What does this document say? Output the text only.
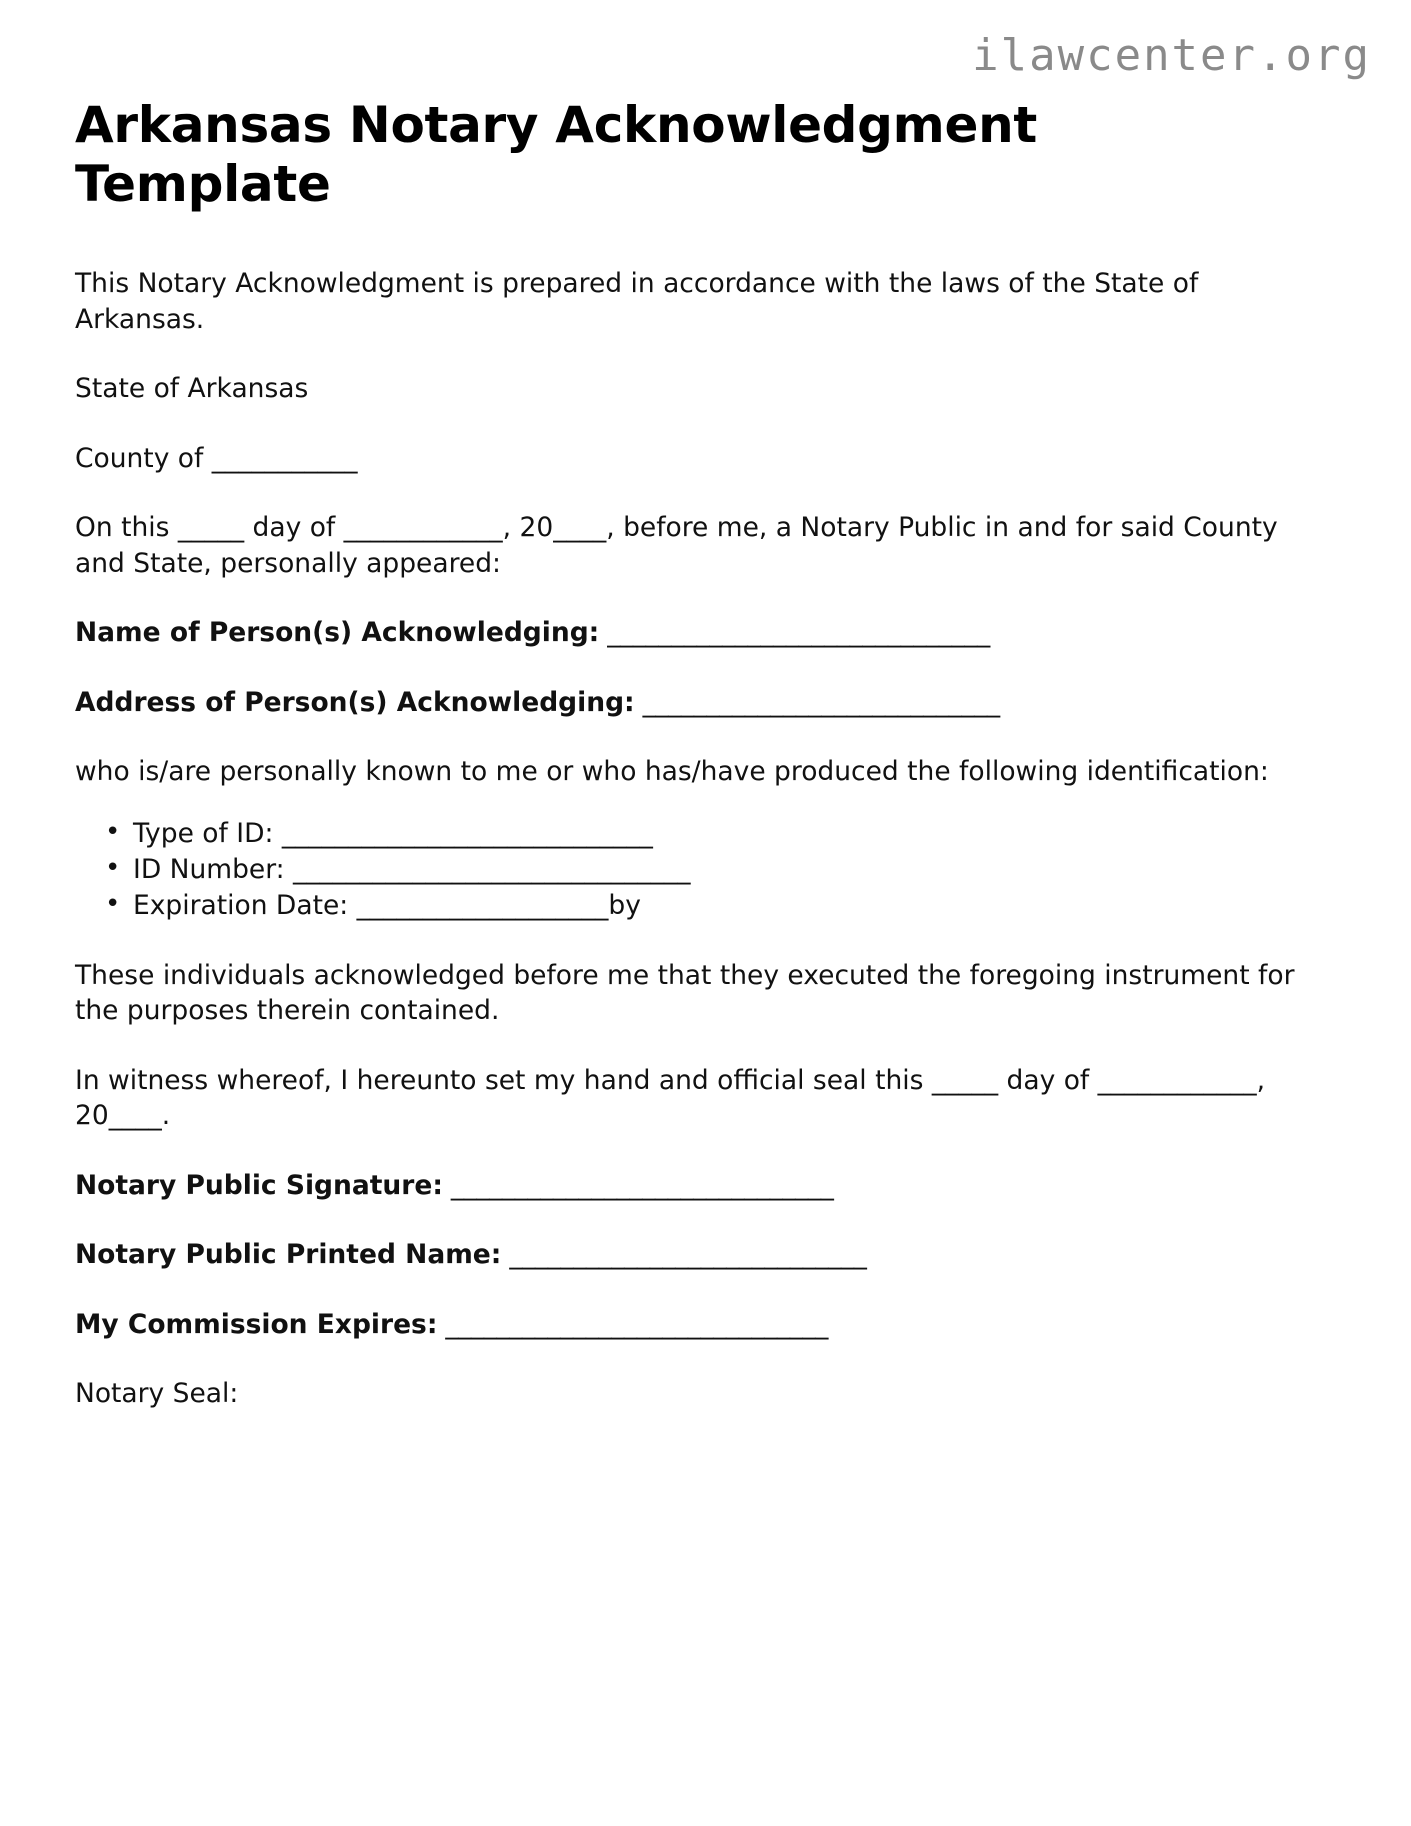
ilawcenter.org
Arkansas Notary Acknowledgment Template

This Notary Acknowledgment is prepared in accordance with the laws of the State of Arkansas.

State of Arkansas

County of ___________

On this _____ day of ____________, 20____, before me, a Notary Public in and for said County and State, personally appeared:

Name of Person(s) Acknowledging: ______________________________

Address of Person(s) Acknowledging: ____________________________

who is/are personally known to me or who has/have produced the following identification:

• Type of ID: ____________________________
• ID Number: ______________________________
• Expiration Date: ___________________by

These individuals acknowledged before me that they executed the foregoing instrument for the purposes therein contained.

In witness whereof, I hereunto set my hand and official seal this _____ day of ____________, 20____.

Notary Public Signature: ______________________________

Notary Public Printed Name: ____________________________

My Commission Expires: ______________________________

Notary Seal:
